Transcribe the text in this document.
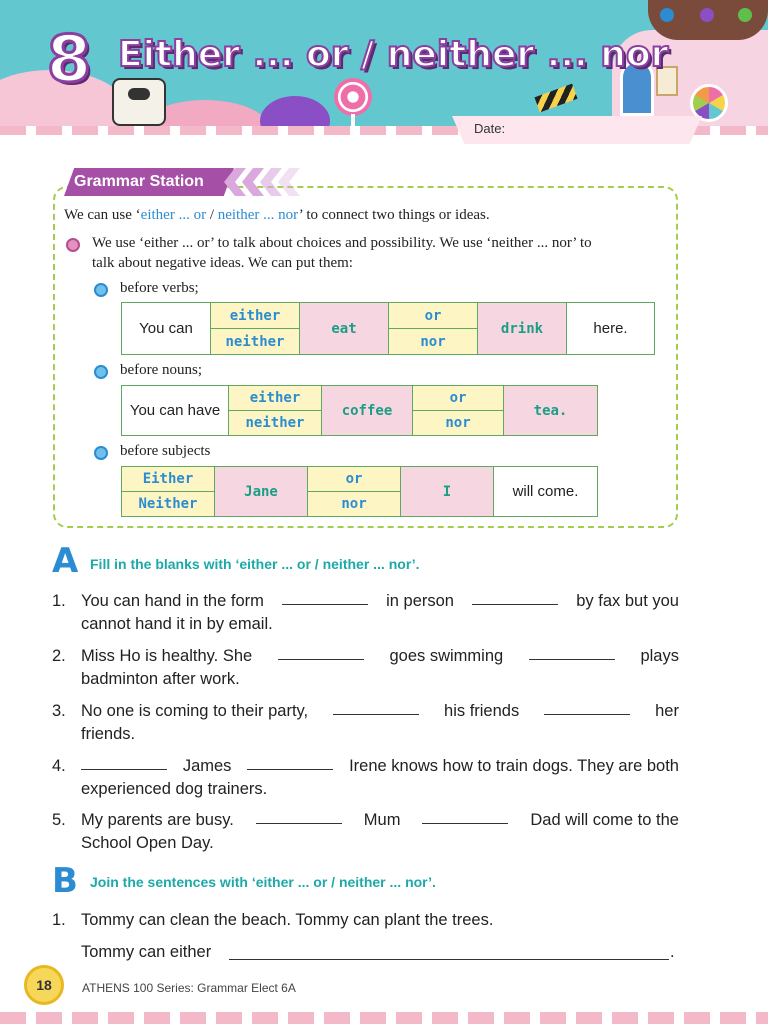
8 Either ... or / neither ... nor
Date:
Grammar Station
We can use ‘either ... or / neither ... nor’ to connect two things or ideas.
We use ‘either ... or’ to talk about choices and possibility. We use ‘neither ... nor’ to
talk about negative ideas. We can put them:
before verbs;
You can	either	eat	or	drink	here.
	neither		nor		
before nouns;
You can have	either	coffee	or	tea.
	neither		nor	
before subjects
Either	Jane	or	I	will come.
Neither		nor		
A Fill in the blanks with ‘either ... or / neither ... nor’.
1. You can hand in the form	in person	by fax but you
cannot hand it in by email.
2. Miss Ho is healthy. She	goes swimming	plays
badminton after work.
3. No one is coming to their party,	his friends	her
friends.
4.	James	Irene knows how to train dogs. They are both
experienced dog trainers.
5. My parents are busy.	Mum	Dad will come to the
School Open Day.
B Join the sentences with ‘either ... or / neither ... nor’.
1. Tommy can clean the beach. Tommy can plant the trees.
Tommy can either	.
18	ATHENS 100 Series: Grammar Elect 6A
